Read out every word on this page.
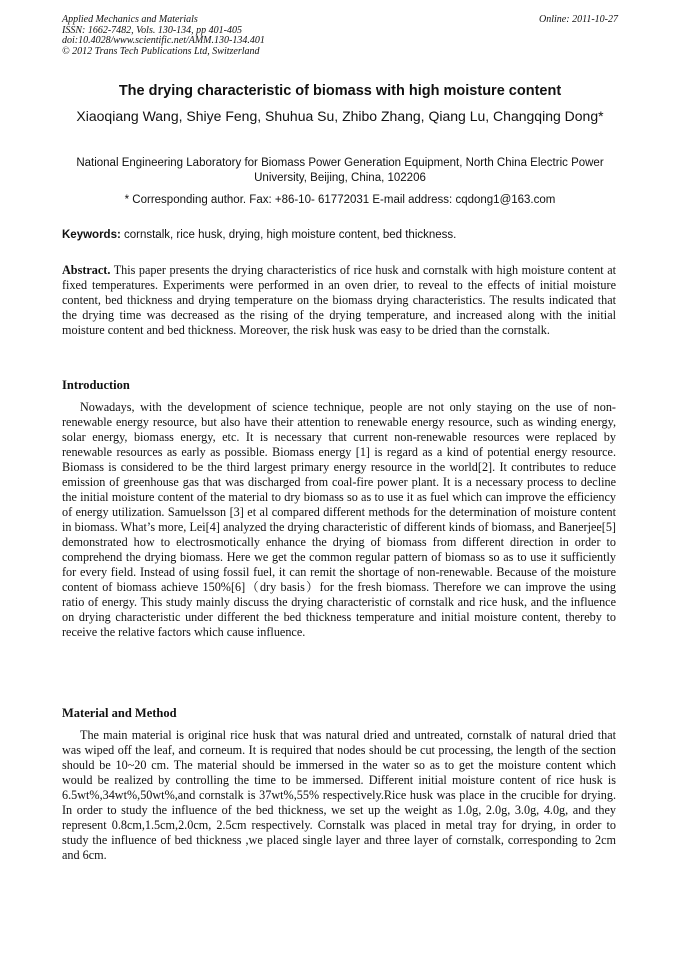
Applied Mechanics and Materials	Online: 2011-10-27
ISSN: 1662-7482, Vols. 130-134, pp 401-405
doi:10.4028/www.scientific.net/AMM.130-134.401
© 2012 Trans Tech Publications Ltd, Switzerland
The drying characteristic of biomass with high moisture content
Xiaoqiang Wang, Shiye Feng, Shuhua Su, Zhibo Zhang, Qiang Lu, Changqing Dong*
National Engineering Laboratory for Biomass Power Generation Equipment, North China Electric Power University, Beijing, China, 102206
* Corresponding author. Fax: +86-10- 61772031 E-mail address: cqdong1@163.com
Keywords: cornstalk, rice husk, drying, high moisture content, bed thickness.
Abstract. This paper presents the drying characteristics of rice husk and cornstalk with high moisture content at fixed temperatures. Experiments were performed in an oven drier, to reveal to the effects of initial moisture content, bed thickness and drying temperature on the biomass drying characteristics. The results indicated that the drying time was decreased as the rising of the drying temperature, and increased along with the initial moisture content and bed thickness. Moreover, the risk husk was easy to be dried than the cornstalk.
Introduction
Nowadays, with the development of science technique, people are not only staying on the use of non-renewable energy resource, but also have their attention to renewable energy resource, such as winding energy, solar energy, biomass energy, etc. It is necessary that current non-renewable resources were replaced by renewable resources as early as possible. Biomass energy [1] is regard as a kind of potential energy resource. Biomass is considered to be the third largest primary energy resource in the world[2]. It contributes to reduce emission of greenhouse gas that was discharged from coal-fire power plant. It is a necessary process to decline the initial moisture content of the material to dry biomass so as to use it as fuel which can improve the efficiency of energy utilization. Samuelsson [3] et al compared different methods for the determination of moisture content in biomass. What’s more, Lei[4] analyzed the drying characteristic of different kinds of biomass, and Banerjee[5] demonstrated how to electrosmotically enhance the drying of biomass from different direction in order to comprehend the drying biomass. Here we get the common regular pattern of biomass so as to use it sufficiently for every field. Instead of using fossil fuel, it can remit the shortage of non-renewable. Because of the moisture content of biomass achieve 150%[6]（dry basis）for the fresh biomass. Therefore we can improve the using ratio of energy. This study mainly discuss the drying characteristic of cornstalk and rice husk, and the influence on drying characteristic under different the bed thickness temperature and initial moisture content, thereby to receive the relative factors which cause influence.
Material and Method
The main material is original rice husk that was natural dried and untreated, cornstalk of natural dried that was wiped off the leaf, and corneum. It is required that nodes should be cut processing, the length of the section should be 10~20 cm. The material should be immersed in the water so as to get the moisture content which would be realized by controlling the time to be immersed. Different initial moisture content of rice husk is 6.5wt%,34wt%,50wt%,and cornstalk is 37wt%,55% respectively.Rice husk was place in the crucible for drying. In order to study the influence of the bed thickness, we set up the weight as 1.0g, 2.0g, 3.0g, 4.0g, and they represent 0.8cm,1.5cm,2.0cm, 2.5cm respectively. Cornstalk was placed in metal tray for drying, in order to study the influence of bed thickness ,we placed single layer and three layer of cornstalk, corresponding to 2cm and 6cm.
